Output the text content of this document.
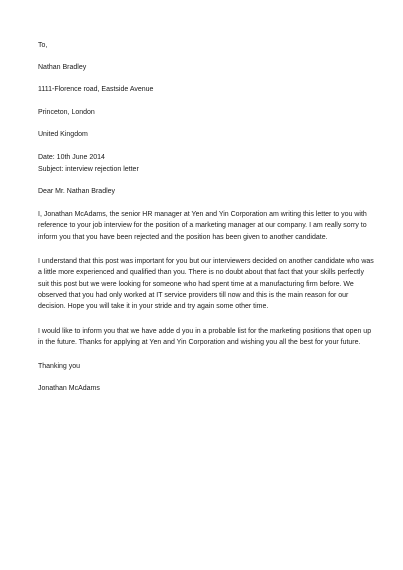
To,
Nathan Bradley
1111-Florence road, Eastside Avenue
Princeton, London
United Kingdom
Date: 10th June 2014
Subject: interview rejection letter
Dear Mr. Nathan Bradley

I, Jonathan McAdams, the senior HR manager at Yen and Yin Corporation am writing this letter to you with

reference to your job interview for the position of a marketing manager at our company. I am really sorry to

inform you that you have been rejected and the position has been given to another candidate.

I understand that this post was important for you but our interviewers decided on another candidate who was

a little more experienced and qualified than you. There is no doubt about that fact that your skills perfectly

suit this post but we were looking for someone who had spent time at a manufacturing firm before. We

observed that you had only worked at IT service providers till now and this is the main reason for our

decision. Hope you will take it in your stride and try again some other time.

I would like to inform you that we have adde d you in a probable list for the marketing positions that open up

in the future. Thanks for applying at Yen and Yin Corporation and wishing you all the best for your future.

Thanking you
Jonathan McAdams
